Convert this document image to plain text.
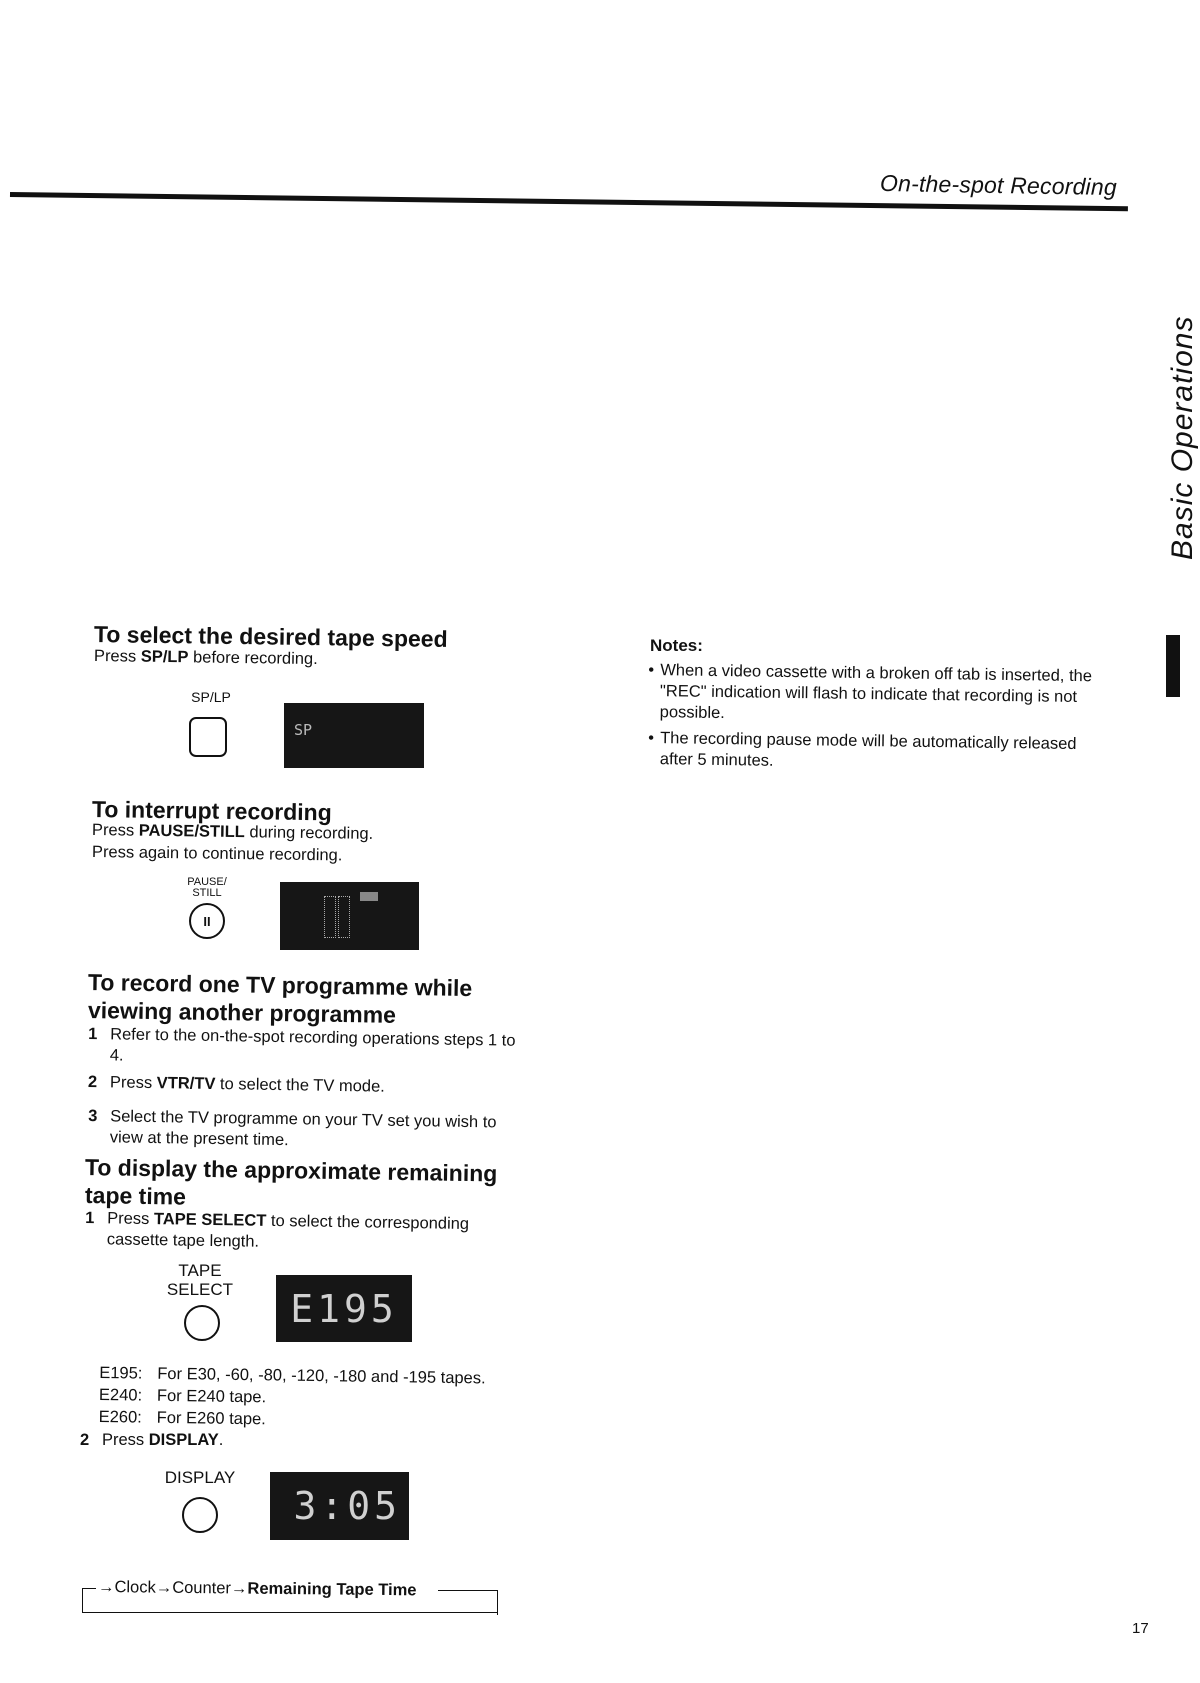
On-the-spot Recording
Basic Operations
To select the desired tape speed
Press SP/LP before recording.
SP/LP
SP
To interrupt recording
Press PAUSE/STILL during recording.
Press again to continue recording.
PAUSE/
STILL
II
To record one TV programme while
viewing another programme
1 Refer to the on-the-spot recording operations steps 1 to 4.
2 Press VTR/TV to select the TV mode.
3 Select the TV programme on your TV set you wish to view at the present time.
To display the approximate remaining
tape time
1 Press TAPE SELECT to select the corresponding cassette tape length.
TAPE
SELECT E195
E195: For E30, -60, -80, -120, -180 and -195 tapes.
E240: For E240 tape.
E260: For E260 tape.
2 Press DISPLAY.
DISPLAY
3:05
→Clock→Counter→Remaining Tape Time
Notes:
• When a video cassette with a broken off tab is inserted, the "REC" indication will flash to indicate that recording is not possible.
• The recording pause mode will be automatically released after 5 minutes.
17
